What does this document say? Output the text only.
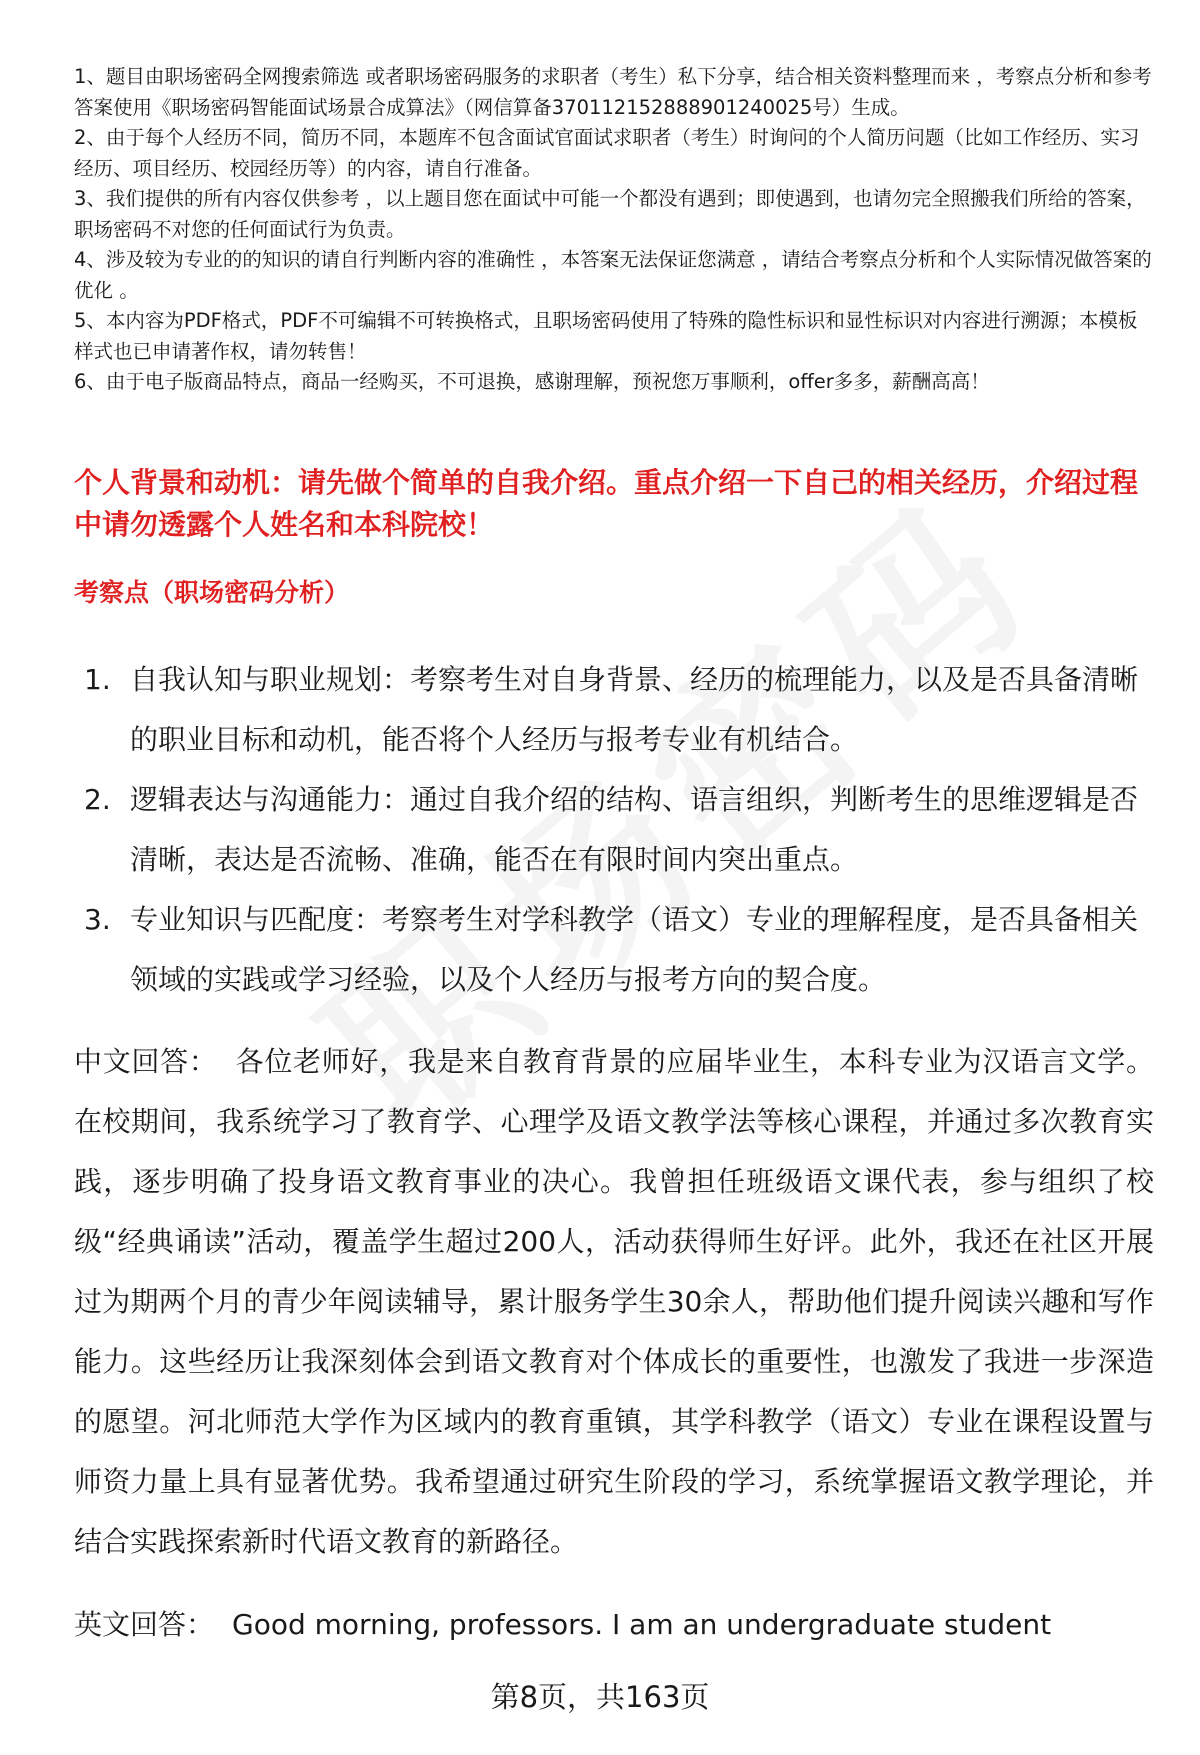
1、题目由职场密码全网搜索筛选 或者职场密码服务的求职者（考生）私下分享，结合相关资料整理而来 ，考察点分析和参考答案使用《职场密码智能面试场景合成算法》（网信算备370112152888901240025号）生成。
2、由于每个人经历不同，简历不同，本题库不包含面试官面试求职者（考生）时询问的个人简历问题（比如工作经历、实习经历、项目经历、校园经历等）的内容，请自行准备。
3、我们提供的所有内容仅供参考 ，以上题目您在面试中可能一个都没有遇到；即使遇到，也请勿完全照搬我们所给的答案，职场密码不对您的任何面试行为负责。
4、涉及较为专业的的知识的请自行判断内容的准确性 ，本答案无法保证您满意 ，请结合考察点分析和个人实际情况做答案的优化 。
5、本内容为PDF格式，PDF不可编辑不可转换格式，且职场密码使用了特殊的隐性标识和显性标识对内容进行溯源；本模板样式也已申请著作权，请勿转售！
6、由于电子版商品特点，商品一经购买，不可退换，感谢理解，预祝您万事顺利，offer多多，薪酬高高！

个人背景和动机：请先做个简单的自我介绍。重点介绍一下自己的相关经历，介绍过程中请勿透露个人姓名和本科院校！

考察点（职场密码分析）

1. 自我认知与职业规划：考察考生对自身背景、经历的梳理能力，以及是否具备清晰的职业目标和动机，能否将个人经历与报考专业有机结合。
2. 逻辑表达与沟通能力：通过自我介绍的结构、语言组织，判断考生的思维逻辑是否清晰，表达是否流畅、准确，能否在有限时间内突出重点。
3. 专业知识与匹配度：考察考生对学科教学（语文）专业的理解程度，是否具备相关领域的实践或学习经验，以及个人经历与报考方向的契合度。

中文回答： 各位老师好，我是来自教育背景的应届毕业生，本科专业为汉语言文学。在校期间，我系统学习了教育学、心理学及语文教学法等核心课程，并通过多次教育实践，逐步明确了投身语文教育事业的决心。我曾担任班级语文课代表，参与组织了校级“经典诵读”活动，覆盖学生超过200人，活动获得师生好评。此外，我还在社区开展过为期两个月的青少年阅读辅导，累计服务学生30余人，帮助他们提升阅读兴趣和写作能力。这些经历让我深刻体会到语文教育对个体成长的重要性，也激发了我进一步深造的愿望。河北师范大学作为区域内的教育重镇，其学科教学（语文）专业在课程设置与师资力量上具有显著优势。我希望通过研究生阶段的学习，系统掌握语文教学理论，并结合实践探索新时代语文教育的新路径。

英文回答： Good morning, professors. I am an undergraduate student

第8页，共163页
